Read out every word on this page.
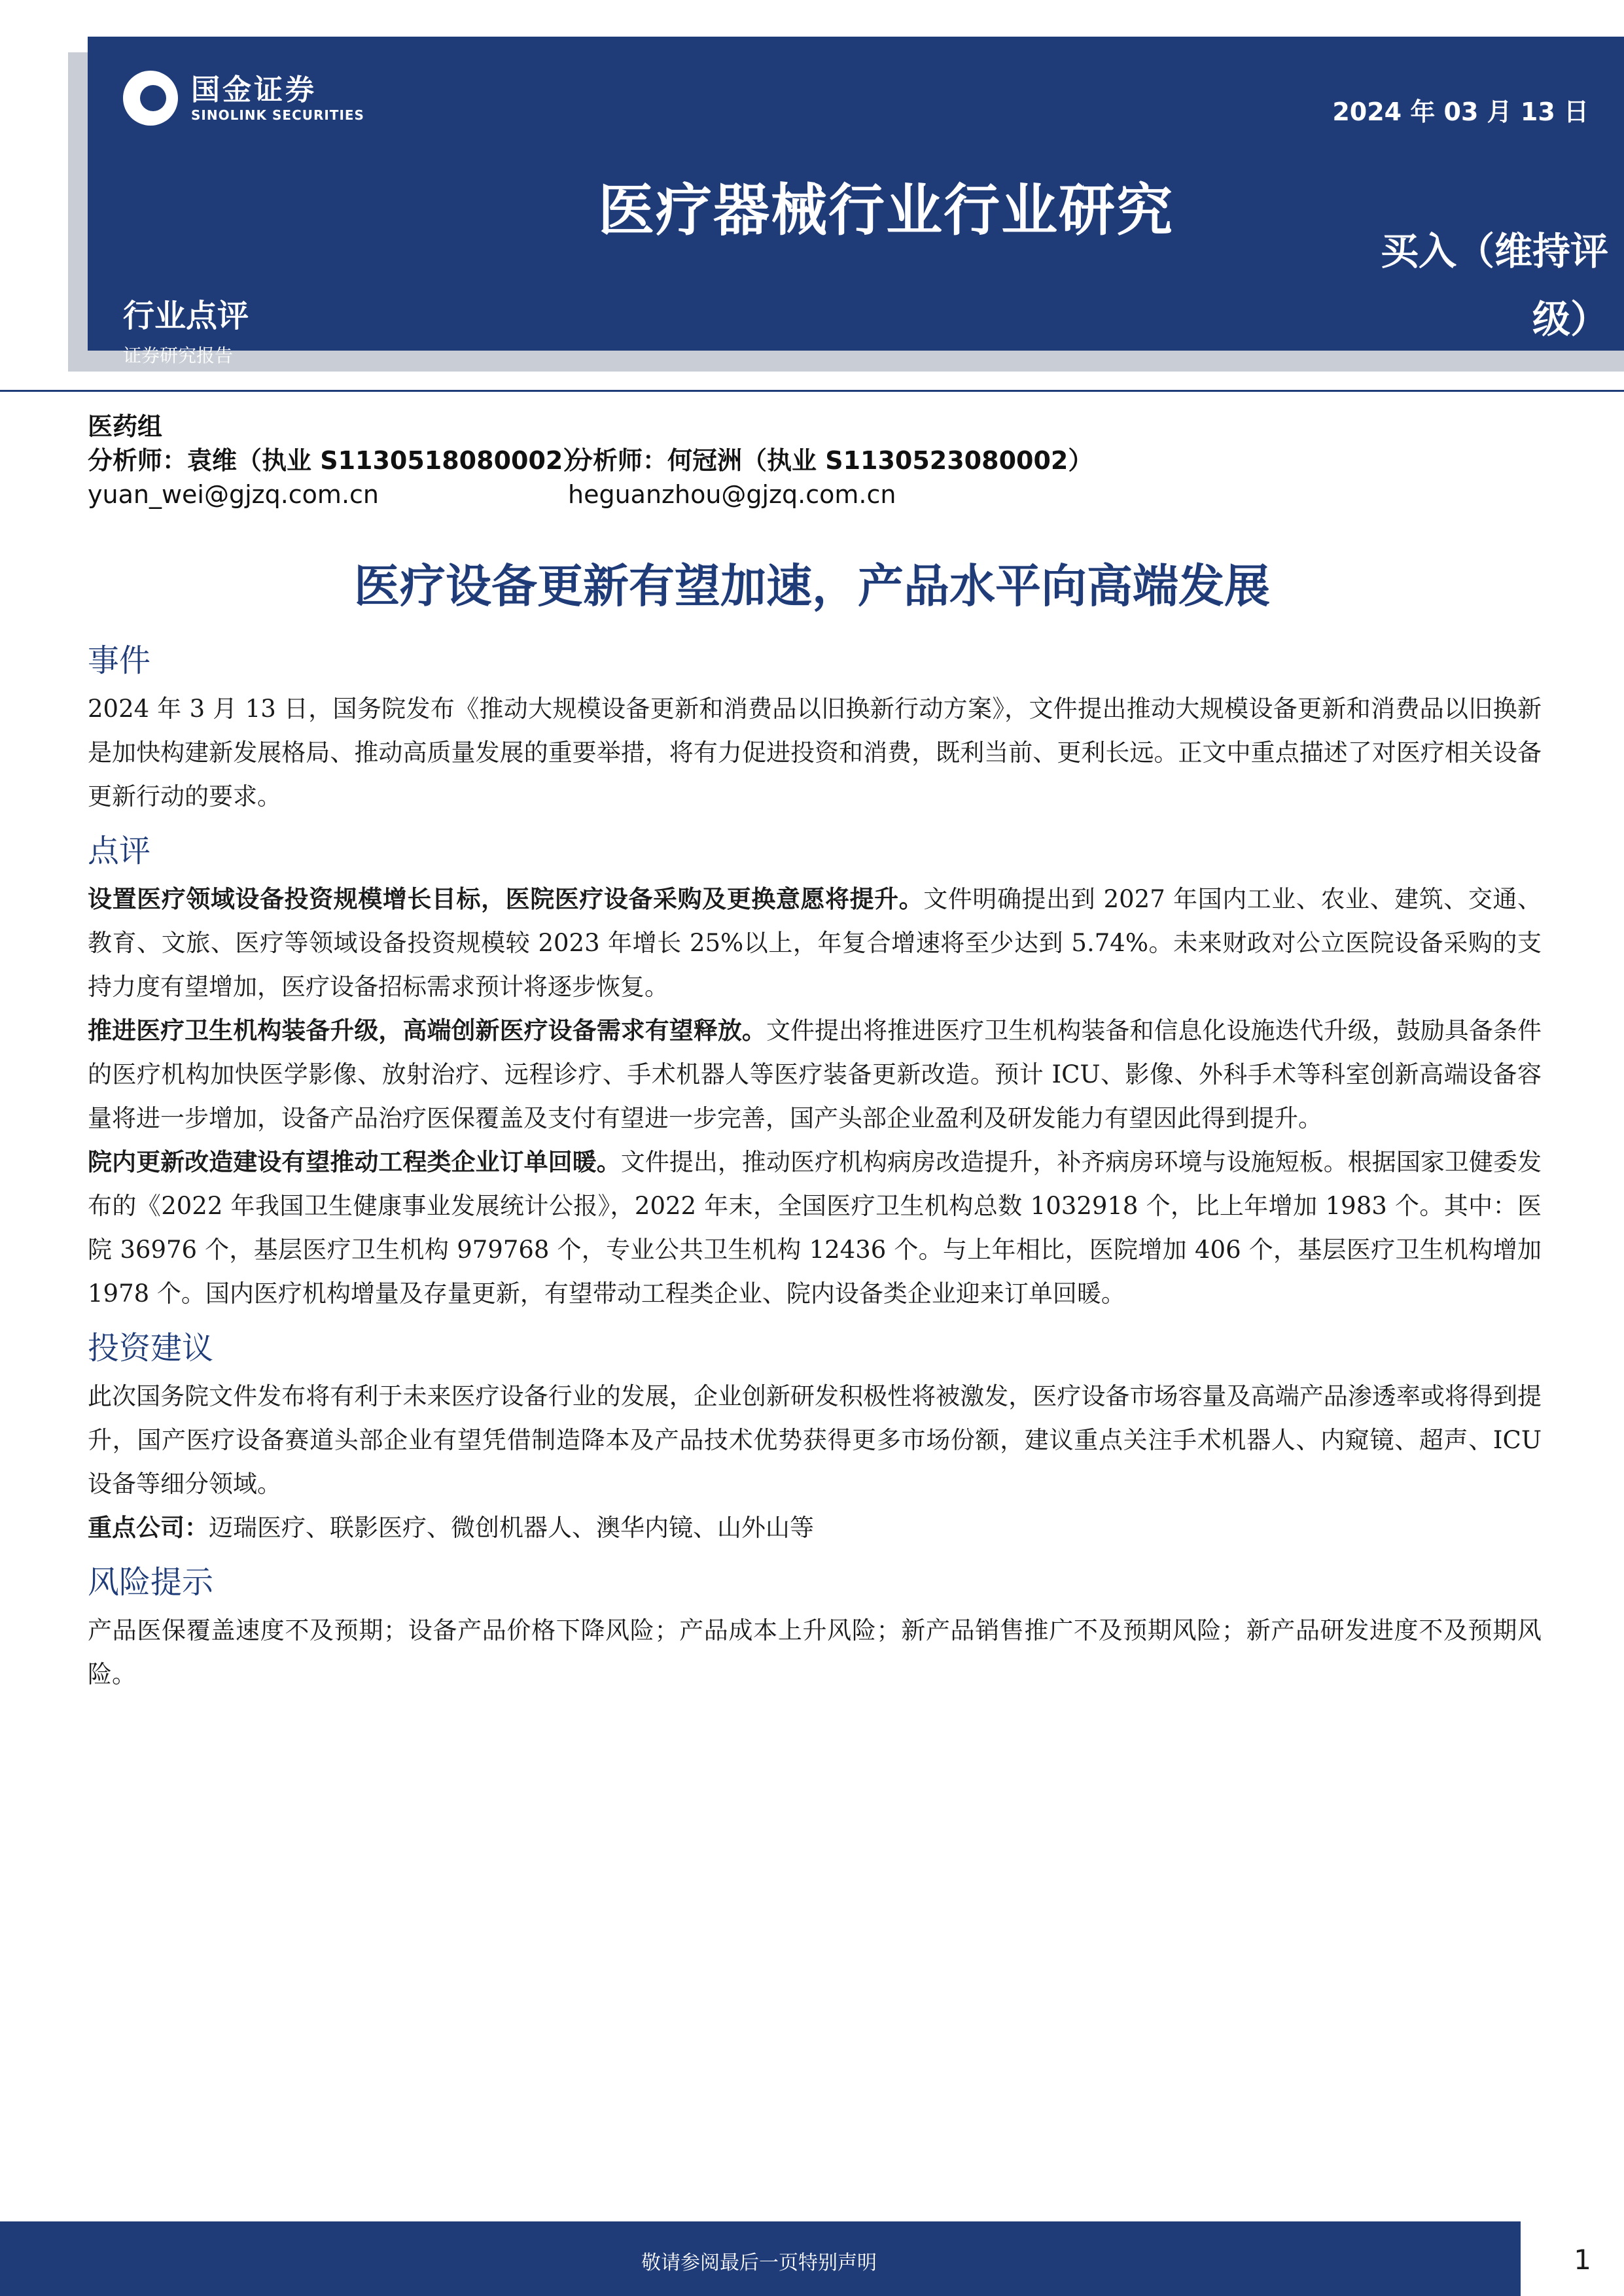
国金证券
SINOLINK SECURITIES	2024 年 03 月 13 日
医疗器械行业行业研究
买入（维持评
级）
行业点评
证券研究报告
医药组
分析师：袁维（执业 S1130518080002）
yuan_wei@gjzq.com.cn
分析师：何冠洲（执业 S1130523080002）
heguanzhou@gjzq.com.cn
医疗设备更新有望加速，产品水平向高端发展
事件

2024 年 3 月 13 日，国务院发布《推动大规模设备更新和消费品以旧换新行动方案》，文件提出推动大规模设备更新和消费品以旧换新是加快构建新发展格局、推动高质量发展的重要举措，将有力促进投资和消费，既利当前、更利长远。正文中重点描述了对医疗相关设备更新行动的要求。

点评

设置医疗领域设备投资规模增长目标，医院医疗设备采购及更换意愿将提升。文件明确提出到 2027 年国内工业、农业、建筑、交通、教育、文旅、医疗等领域设备投资规模较 2023 年增长 25%以上，年复合增速将至少达到 5.74%。未来财政对公立医院设备采购的支持力度有望增加，医疗设备招标需求预计将逐步恢复。

推进医疗卫生机构装备升级，高端创新医疗设备需求有望释放。文件提出将推进医疗卫生机构装备和信息化设施迭代升级，鼓励具备条件的医疗机构加快医学影像、放射治疗、远程诊疗、手术机器人等医疗装备更新改造。预计 ICU、影像、外科手术等科室创新高端设备容量将进一步增加，设备产品治疗医保覆盖及支付有望进一步完善，国产头部企业盈利及研发能力有望因此得到提升。

院内更新改造建设有望推动工程类企业订单回暖。文件提出，推动医疗机构病房改造提升，补齐病房环境与设施短板。根据国家卫健委发布的《2022 年我国卫生健康事业发展统计公报》，2022 年末，全国医疗卫生机构总数 1032918 个，比上年增加 1983 个。其中：医院 36976 个，基层医疗卫生机构 979768 个，专业公共卫生机构 12436 个。与上年相比，医院增加 406 个，基层医疗卫生机构增加 1978 个。国内医疗机构增量及存量更新，有望带动工程类企业、院内设备类企业迎来订单回暖。

投资建议

此次国务院文件发布将有利于未来医疗设备行业的发展，企业创新研发积极性将被激发，医疗设备市场容量及高端产品渗透率或将得到提升，国产医疗设备赛道头部企业有望凭借制造降本及产品技术优势获得更多市场份额，建议重点关注手术机器人、内窥镜、超声、ICU 设备等细分领域。

重点公司：迈瑞医疗、联影医疗、微创机器人、澳华内镜、山外山等

风险提示

产品医保覆盖速度不及预期；设备产品价格下降风险；产品成本上升风险；新产品销售推广不及预期风险；新产品研发进度不及预期风险。

敬请参阅最后一页特别声明	1
